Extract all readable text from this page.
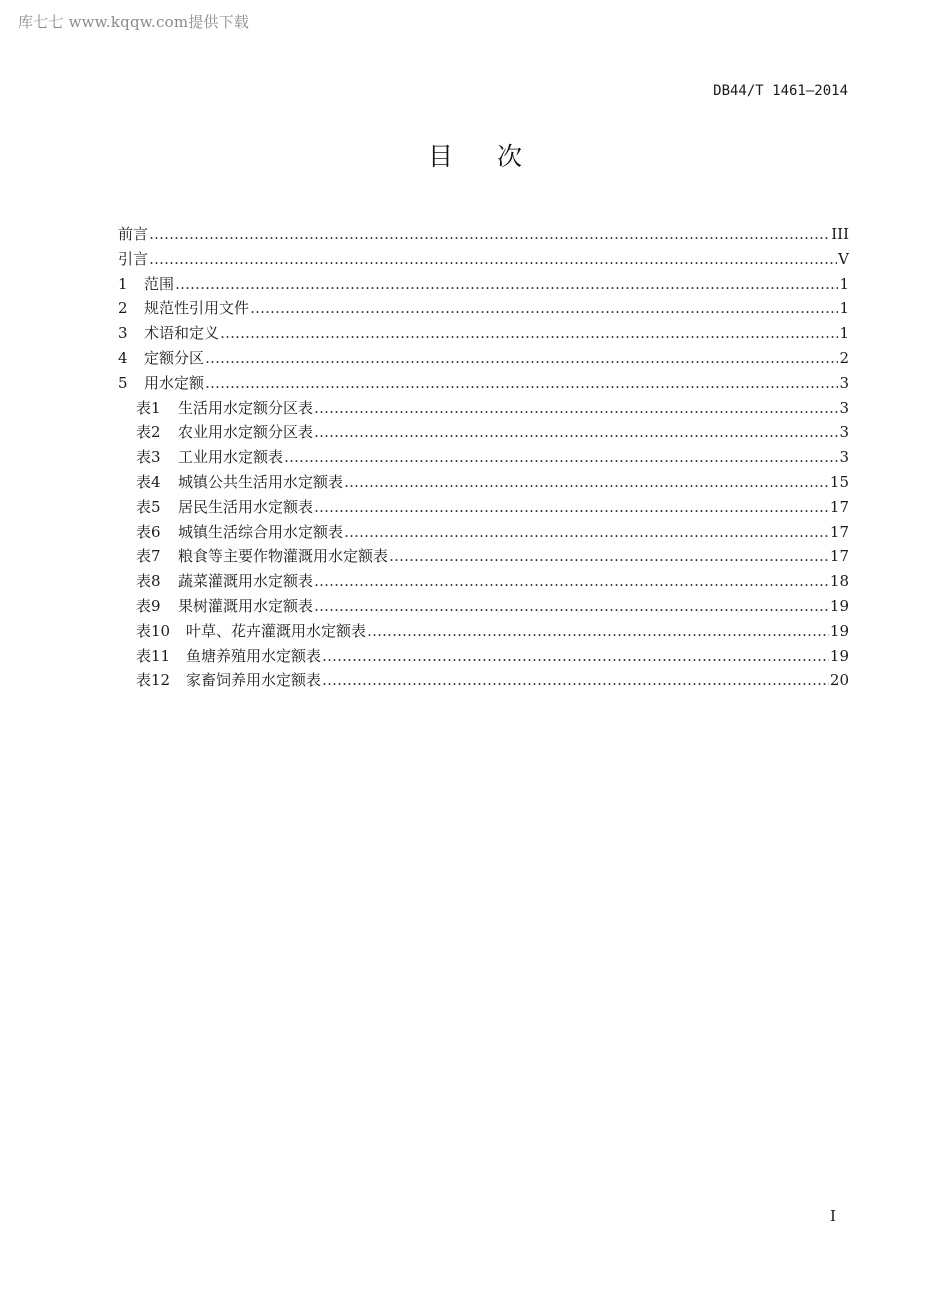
库七七 www.kqqw.com提供下载
DB44/T 1461—2014
目次
前言 …………………………………………………………………………………………………………………………………………………………………………………………………………	III
引言 …………………………………………………………………………………………………………………………………………………………………………………………………………	V
1	范围 …………………………………………………………………………………………………………………………………………………………………………………………………………	1
2	规范性引用文件 …………………………………………………………………………………………………………………………………………………………………………………………………………	1
3	术语和定义 …………………………………………………………………………………………………………………………………………………………………………………………………………	1
4	定额分区 …………………………………………………………………………………………………………………………………………………………………………………………………………	2
5	用水定额 …………………………………………………………………………………………………………………………………………………………………………………………………………	3
表1	生活用水定额分区表 …………………………………………………………………………………………………………………………………………………………………………………………………………	3
表2	农业用水定额分区表 …………………………………………………………………………………………………………………………………………………………………………………………………………	3
表3	工业用水定额表 …………………………………………………………………………………………………………………………………………………………………………………………………………	3
表4	城镇公共生活用水定额表 …………………………………………………………………………………………………………………………………………………………………………………………………………	15
表5	居民生活用水定额表 …………………………………………………………………………………………………………………………………………………………………………………………………………	17
表6	城镇生活综合用水定额表 …………………………………………………………………………………………………………………………………………………………………………………………………………	17
表7	粮食等主要作物灌溉用水定额表 …………………………………………………………………………………………………………………………………………………………………………………………………………	17
表8	蔬菜灌溉用水定额表 …………………………………………………………………………………………………………………………………………………………………………………………………………	18
表9	果树灌溉用水定额表 …………………………………………………………………………………………………………………………………………………………………………………………………………	19
表10	叶草、花卉灌溉用水定额表 …………………………………………………………………………………………………………………………………………………………………………………………………………	19
表11	鱼塘养殖用水定额表 …………………………………………………………………………………………………………………………………………………………………………………………………………	19
表12	家畜饲养用水定额表 …………………………………………………………………………………………………………………………………………………………………………………………………………	20
I
